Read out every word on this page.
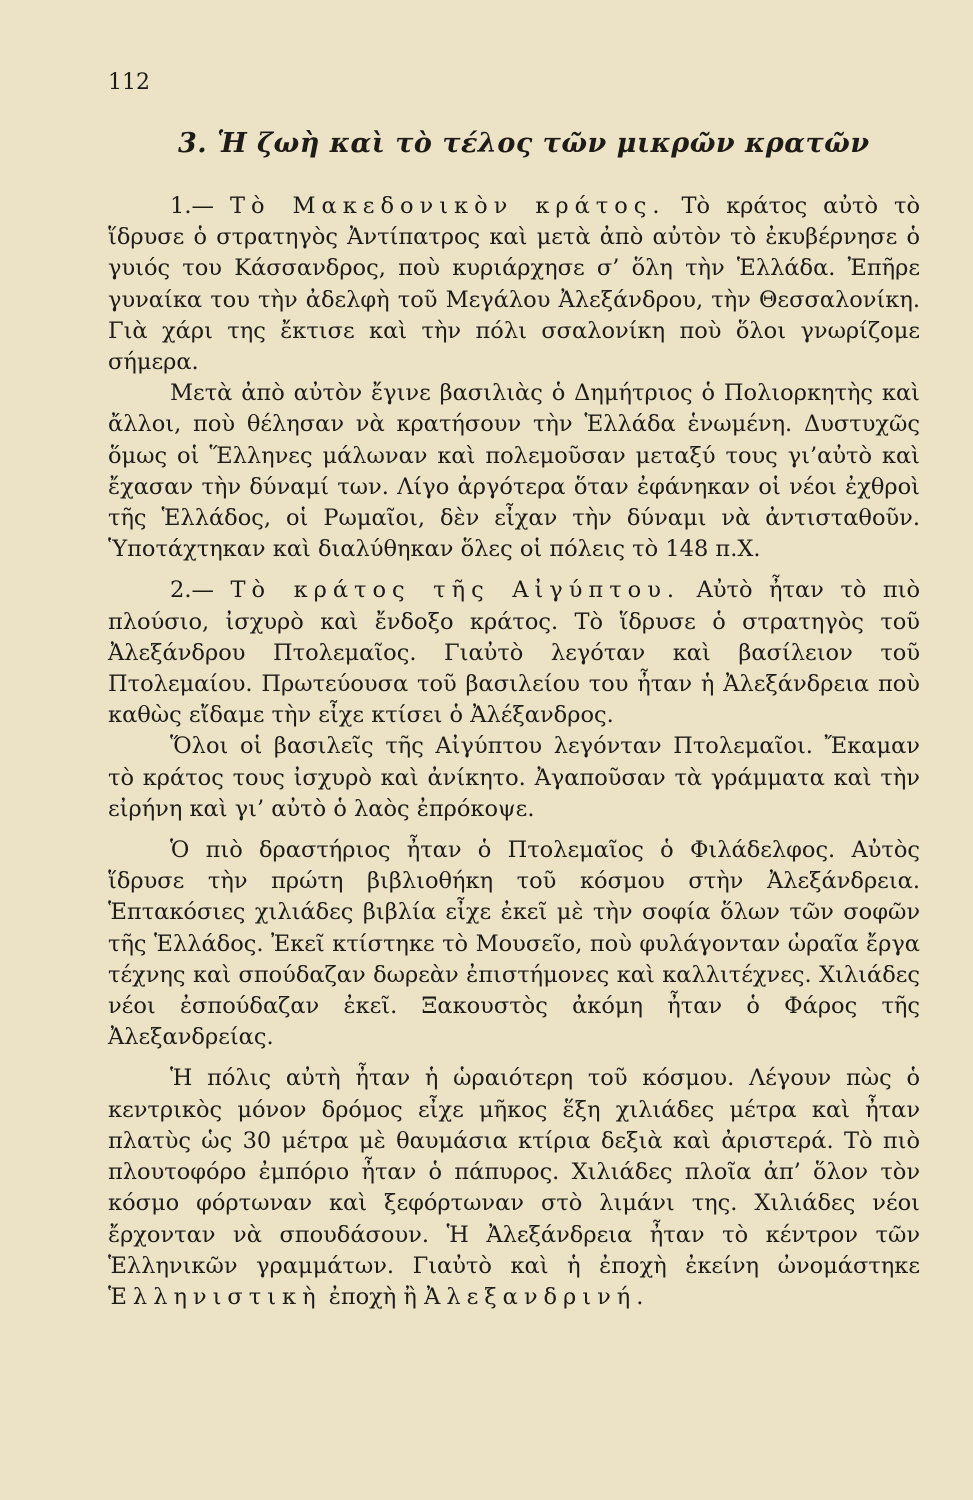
112
3. Ἡ ζωὴ καὶ τὸ τέλος τῶν μικρῶν κρατῶν

1.— Τὸ Μακεδονικὸν κράτος. Τὸ κράτος αὐτὸ τὸ ἵδρυσε ὁ στρατηγὸς Ἀντίπατρος καὶ μετὰ ἀπὸ αὐτὸν τὸ ἐκυβέρνησε ὁ γυιός του Κάσσανδρος, ποὺ κυριάρχησε σ’ ὅλη τὴν Ἑλλάδα. Ἐπῆρε γυναίκα του τὴν ἀδελφὴ τοῦ Μεγάλου Ἀλεξάνδρου, τὴν Θεσσαλονίκη. Γιὰ χάρι της ἔκτισε καὶ τὴν πόλι σσαλονίκη ποὺ ὅλοι γνωρίζομε σήμερα.

Μετὰ ἀπὸ αὐτὸν ἔγινε βασιλιὰς ὁ Δημήτριος ὁ Πολιορκητὴς καὶ ἄλλοι, ποὺ θέλησαν νὰ κρατήσουν τὴν Ἑλλάδα ἑνωμένη. Δυστυχῶς ὅμως οἱ Ἕλληνες μάλωναν καὶ πολεμοῦσαν μεταξύ τους γι’αὐτὸ καὶ ἔχασαν τὴν δύναμί των. Λίγο ἀργότερα ὅταν ἐφάνηκαν οἱ νέοι ἐχθροὶ τῆς Ἑλλάδος, οἱ Ρωμαῖοι, δὲν εἶχαν τὴν δύναμι νὰ ἀντισταθοῦν. Ὑποτάχτηκαν καὶ διαλύθηκαν ὅλες οἱ πόλεις τὸ 148 π.Χ.

2.— Τὸ κράτος τῆς Αἰγύπτου. Αὐτὸ ἦταν τὸ πιὸ πλούσιο, ἰσχυρὸ καὶ ἔνδοξο κράτος. Τὸ ἵδρυσε ὁ στρατηγὸς τοῦ Ἀλεξάνδρου Πτολεμαῖος. Γιαὐτὸ λεγόταν καὶ βασίλειον τοῦ Πτολεμαίου. Πρωτεύουσα τοῦ βασιλείου του ἦταν ἡ Ἀλεξάνδρεια ποὺ καθὼς εἴδαμε τὴν εἶχε κτίσει ὁ Ἀλέξανδρος.

Ὅλοι οἱ βασιλεῖς τῆς Αἰγύπτου λεγόνταν Πτολεμαῖοι. Ἔκαμαν τὸ κράτος τους ἰσχυρὸ καὶ ἀνίκητο. Ἀγαποῦσαν τὰ γράμματα καὶ τὴν εἰρήνη καὶ γι’ αὐτὸ ὁ λαὸς ἐπρόκοψε.

Ὁ πιὸ δραστήριος ἦταν ὁ Πτολεμαῖος ὁ Φιλάδελφος. Αὐτὸς ἵδρυσε τὴν πρώτη βιβλιοθήκη τοῦ κόσμου στὴν Ἀλεξάνδρεια. Ἑπτακόσιες χιλιάδες βιβλία εἶχε ἐκεῖ μὲ τὴν σοφία ὅλων τῶν σοφῶν τῆς Ἑλλάδος. Ἐκεῖ κτίστηκε τὸ Μουσεῖο, ποὺ φυλάγονταν ὡραῖα ἔργα τέχνης καὶ σπούδαζαν δωρεὰν ἐπιστήμονες καὶ καλλιτέχνες. Χιλιάδες νέοι ἐσπούδαζαν ἐκεῖ. Ξακουστὸς ἀκόμη ἦταν ὁ Φάρος τῆς Ἀλεξανδρείας.

Ἡ πόλις αὐτὴ ἦταν ἡ ὡραιότερη τοῦ κόσμου. Λέγουν πὼς ὁ κεντρικὸς μόνον δρόμος εἶχε μῆκος ἕξη χιλιάδες μέτρα καὶ ἦταν πλατὺς ὡς 30 μέτρα μὲ θαυμάσια κτίρια δεξιὰ καὶ ἀριστερά. Τὸ πιὸ πλουτοφόρο ἐμπόριο ἦταν ὁ πάπυρος. Χιλιάδες πλοῖα ἀπ’ ὅλον τὸν κόσμο φόρτωναν καὶ ξεφόρτωναν στὸ λιμάνι της. Χιλιάδες νέοι ἔρχονταν νὰ σπουδάσουν. Ἡ Ἀλεξάνδρεια ἦταν τὸ κέντρον τῶν Ἑλληνικῶν γραμμάτων. Γιαὐτὸ καὶ ἡ ἐποχὴ ἐκείνη ὠνομάστηκε Ἑλληνιστικὴ ἐποχὴ ἢ Ἀλεξανδρινή.
